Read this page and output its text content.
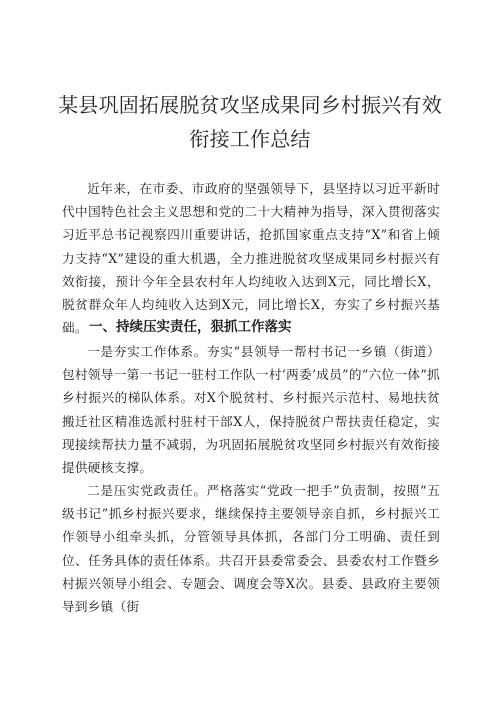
某县巩固拓展脱贫攻坚成果同乡村振兴有效衔接工作总结

近年来，在市委、市政府的坚强领导下，县坚持以习近平新时代中国特色社会主义思想和党的二十大精神为指导，深入贯彻落实习近平总书记视察四川重要讲话，抢抓国家重点支持“X”和省上倾力支持“X”建设的重大机遇，全力推进脱贫攻坚成果同乡村振兴有效衔接，预计今年全县农村年人均纯收入达到X元，同比增长X，脱贫群众年人均纯收入达到X元，同比增长X，夯实了乡村振兴基础。 一、持续压实责任，狠抓工作落实

一是夯实工作体系。夯实“县领导一帮村书记一乡镇（街道）包村领导一第一书记一驻村工作队一村‘两委’成员”的“六位一体”抓乡村振兴的梯队体系。对X个脱贫村、乡村振兴示范村、易地扶贫搬迁社区精准选派村驻村干部X人，保持脱贫户帮扶责任稳定，实现接续帮扶力量不减弱，为巩固拓展脱贫攻坚同乡村振兴有效衔接提供硬核支撑。

二是压实党政责任。严格落实“党政一把手”负责制，按照“五级书记”抓乡村振兴要求，继续保持主要领导亲自抓，乡村振兴工作领导小组牵头抓，分管领导具体抓，各部门分工明确、责任到位、任务具体的责任体系。共召开县委常委会、县委农村工作暨乡村振兴领导小组会、专题会、调度会等X次。县委、县政府主要领导到乡镇（街
